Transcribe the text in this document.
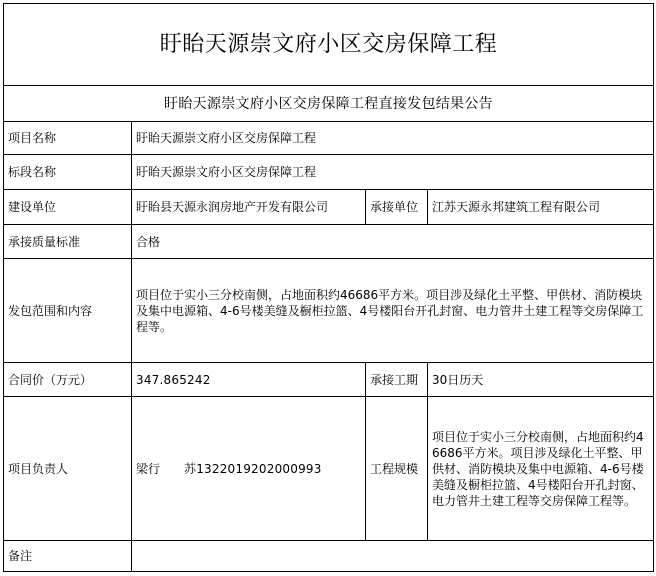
盱眙天源崇文府小区交房保障工程			
盱眙天源崇文府小区交房保障工程直接发包结果公告			
项目名称	盱眙天源崇文府小区交房保障工程		
标段名称	盱眙天源崇文府小区交房保障工程		
建设单位	盱眙县天源永润房地产开发有限公司	承接单位	江苏天源永邦建筑工程有限公司
承接质量标准	合格		
发包范围和内容	项目位于实小三分校南侧，占地面积约46686平方米。项目涉及绿化土平整、甲供材、消防模块及集中电源箱、4-6号楼美缝及橱柜拉篮、4号楼阳台开孔封窗、电力管井土建工程等交房保障工程等。		
合同价（万元）	347.865242	承接工期	30日历天
项目负责人	梁行 苏1322019202000993	工程规模	项目位于实小三分校南侧，占地面积约46686平方米。项目涉及绿化土平整、甲供材、消防模块及集中电源箱、4-6号楼美缝及橱柜拉篮、4号楼阳台开孔封窗、电力管井土建工程等交房保障工程等。
备注			
